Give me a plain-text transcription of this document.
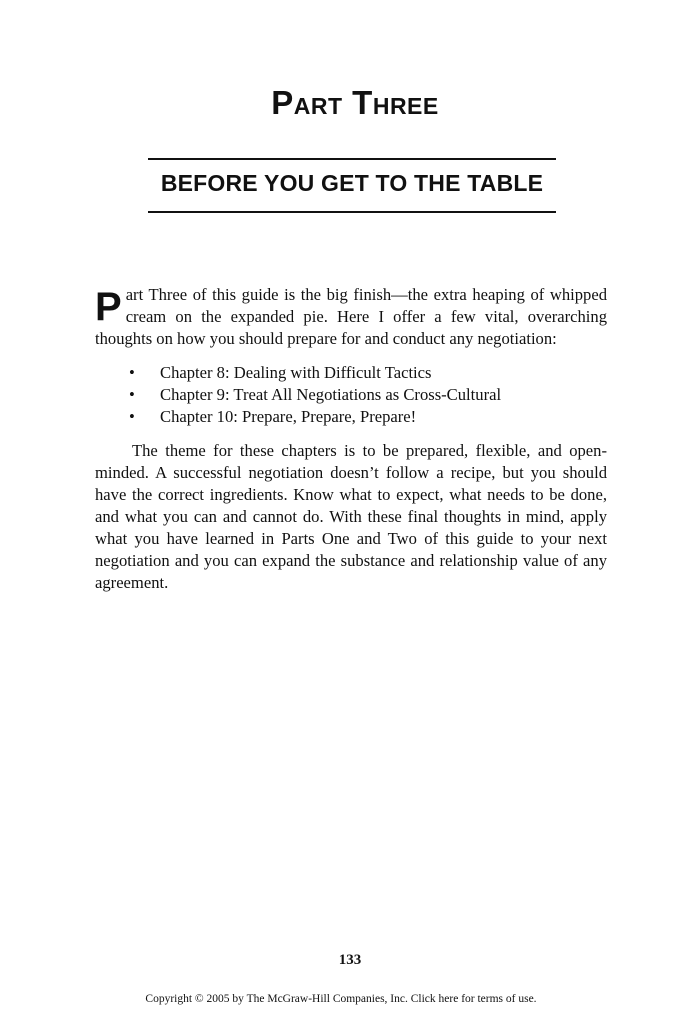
Part Three
BEFORE YOU GET TO THE TABLE

P art Three of this guide is the big finish—the extra heaping of whipped cream on the expanded pie. Here I offer a few vital, overarching thoughts on how you should prepare for and conduct any negotiation:

• Chapter 8: Dealing with Difficult Tactics
• Chapter 9: Treat All Negotiations as Cross-Cultural
• Chapter 10: Prepare, Prepare, Prepare!

The theme for these chapters is to be prepared, flexible, and open-minded. A successful negotiation doesn’t follow a recipe, but you should have the correct ingredients. Know what to expect, what needs to be done, and what you can and cannot do. With these final thoughts in mind, apply what you have learned in Parts One and Two of this guide to your next negotiation and you can expand the substance and relationship value of any agreement.

133
Copyright © 2005 by The McGraw-Hill Companies, Inc. Click here for terms of use.
